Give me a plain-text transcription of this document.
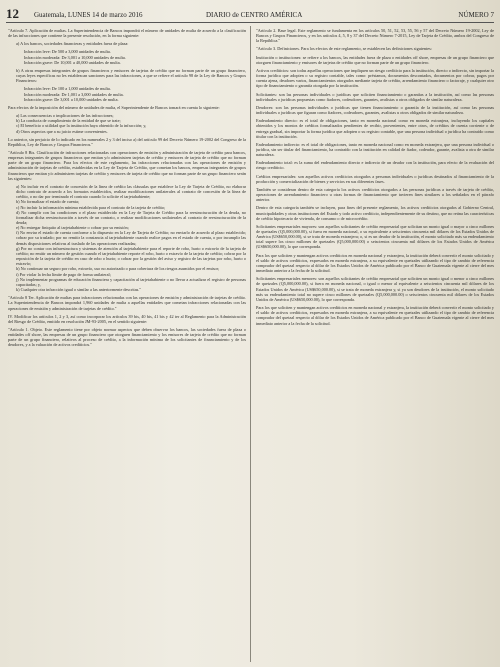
12 Guatemala, LUNES 14 de marzo 2016	DIARIO de CENTRO AMÉRICA	NÚMERO 7

"Artículo 7. Aplicación de multas. La Superintendencia de Bancos impondrá el número de unidades de multa de acuerdo a la clasificación de las infracciones que contiene la presente resolución, en la forma siguiente:

a) A los bancos, sociedades financieras y entidades fuera de plaza:

Infracción leve: De 500 a 3,000 unidades de multa.
Infracción moderada: De 3,001 a 10,000 unidades de multa.
Infracción grave: De 10,001 a 40,000 unidades de multa.

b) A otras empresas integrantes de grupos financieros y emisores de tarjetas de crédito que no forman parte de un grupo financiero, cuyas leyes específicas no les establezcan sanciones para las infracciones, a que se refiere el artículo 98 de la Ley de Bancos y Grupos Financieros:

Infracción leve: De 100 a 1,000 unidades de multa.
Infracción moderada: De 1,001 a 3,000 unidades de multa.
Infracción grave: De 3,001 a 10,000 unidades de multa.

Para efectos de la imposición del número de unidades de multa, el Superintendente de Bancos tomará en cuenta lo siguiente:

a) Las consecuencias o implicaciones de las infracciones;
b) La conducta de cumplimiento de la entidad de que se trate;
c) El beneficio o utilidad que la institución haya obtenido de la infracción; y,
d) Otros aspectos que a su juicio estime convenientes.

Lo anterior, sin perjuicio de lo indicado en los numerales 2 y 3 del inciso a) del artículo 99 del Decreto Número 19-2002 del Congreso de la República, Ley de Bancos y Grupos Financieros."

"Artículo 8 Bis. Clasificación de infracciones relacionadas con operaciones de emisión y administración de tarjeta de crédito para bancos, empresas integrantes de grupos financieros que emitan y/o administren tarjetas de crédito y emisores de tarjeta de crédito que no forman parte de un grupo financiero. Para los efectos de este reglamento, las infracciones relacionadas con las operaciones de emisión y administración de tarjetas de crédito, establecidas en la Ley de Tarjeta de Crédito, que cometan los bancos, empresas integrantes de grupos financieros que emitan y/o administren tarjetas de crédito y emisores de tarjeta de crédito que no forman parte de un grupo financiero serán las siguientes:

a) No incluir en el contrato de concesión de la línea de crédito las cláusulas que establece la Ley de Tarjeta de Crédito, no elaborar dicho contrato de acuerdo a los formatos establecidos, realizar modificaciones unilaterales al contrato de concesión de la línea de crédito, o no dar por terminado el contrato cuando lo solicite el tarjetahabiente;
b) No formalizar el estado de cuenta;
c) No incluir la información mínima establecida para el contrato de la tarjeta de crédito;
d) No cumplir con las condiciones o el plazo establecido en la Ley de Tarjeta de Crédito para la reestructuración de la deuda, no formalizar dicha reestructuración a través de un contrato, o realizar modificaciones unilaterales al contrato de reestructuración de la deuda;
e) No entregar finiquito al tarjetahabiente o cobrar por su emisión;
f) No enviar el estado de cuenta conforme a lo dispuesto en la Ley de Tarjeta de Crédito; no enviarlo de acuerdo al plazo establecido; cobrar por su traslado; por no remitir la constancia al tarjetahabiente cuando realice pagos en el estado de cuenta, o por incumplir las demás disposiciones relativas al traslado de las operaciones realizadas;
g) Por no contar con infraestructura y sistemas de atención al tarjetahabiente para el reporte de robo, hurto o extravío de la tarjeta de crédito; no emitir un número de gestión cuando el tarjetahabiente reporte el robo, hurto o extravío de la tarjeta de crédito; cobrar por la reposición de la tarjeta de crédito en caso de robo o hurto; o cobrar por la gestión del aviso y registro de las tarjetas por robo, hurto o extravío;
h) No continuar un seguro por robo, extravío, uso no autorizado o para cobertura de los riesgos asumidos por el emisor;
i) Por violar la fecha límite de pago de forma unilateral;
j) No implementar programas de educación financiera y capacitación al tarjetahabiente o no llevar a actualizar el registro de personas capacitadas; y,
k) Cualquier otra infracción igual o similar a las anteriormente descritas."

"Artículo 8 Ter. Aplicación de multas para infracciones relacionadas con las operaciones de emisión y administración de tarjetas de crédito. La Superintendencia de Bancos impondrá 1,960 unidades de multa a aquellas entidades que cometan infracciones relacionadas con las operaciones de emisión y administración de tarjetas de crédito."

IV. Modificar los artículos 1, 2 y 3, así como incorporar los artículos 39 bis, 40 bis, 41 bis y 42 ter al Reglamento para la Administración del Riesgo de Crédito, emitido en resolución JM-93-2005, en el sentido siguiente:

"Artículo 1. Objeto. Este reglamento tiene por objeto normar aspectos que deben observar los bancos, las sociedades fuera de plaza o entidades off shore, las empresas de un grupo financiero que otorguen financiamiento y los emisores de tarjeta de crédito que no forman parte de un grupo financiero, relativos al proceso de crédito, a la información mínima de los solicitantes de financiamiento y de los deudores, y a la valuación de activos crediticios."

"Artículo 2. Base legal. Este reglamento se fundamenta en los artículos 50, 51, 52, 53, 55, 56 y 57 del Decreto Número 19-2002, Ley de Bancos y Grupos Financieros, y en los artículos 4, 5, 8 y 37 del Decreto Número 7-2015, Ley de Tarjeta de Crédito, ambos del Congreso de la República."

"Artículo 3. Definiciones. Para los efectos de este reglamento, se establecen las definiciones siguientes:

Institución o instituciones: se refiere a los bancos, las entidades fuera de plaza o entidades off shore, empresas de un grupo financiero que otorguen financiamiento y emisores de tarjetas de crédito que no forman parte de un grupo financiero.

Activos crediticios: son todas aquellas operaciones que impliquen un riesgo crediticio para la institución, directo o indirecto, sin importar la forma jurídica que adopten o su registro contable, tales como: préstamos, documentos descontados, documentos por cobrar, pagos por cuenta ajena, deudores varios, financiamientos otorgados mediante tarjeta de crédito, arrendamiento financiero o factoraje, y cualquier otro tipo de financiamiento o garantía otorgada por la institución.

Solicitantes: son las personas individuales o jurídicas que soliciten financiamiento o garantías a la institución, así como las personas individuales o jurídicas propuestas como fiadores, codeudores, garantes, avalistas u otros obligados de similar naturaleza.

Deudores: son las personas individuales o jurídicas que tienen financiamiento o garantía de la institución, así como las personas individuales o jurídicas que figuran como fiadores, codeudores, garantes, avalistas u otros obligados de similar naturaleza.

Endeudamiento directo: es el total de obligaciones, tanto en moneda nacional como en moneda extranjera, incluyendo los capitales obtenidos y los montos de créditos formalizados pendientes de recibir, provenientes, entre otros, de créditos de cuenta corriente o de entrega gradual, sin importar la forma jurídica que adopten o su registro contable, que una persona individual o jurídica ha contraído como titular con la institución.

Endeudamiento indirecto: es el total de obligaciones, tanto en moneda nacional como en moneda extranjera, que una persona individual o jurídica, sin ser titular del financiamiento, ha contraído con la institución en calidad de fiador, codeudor, garante, avalista u otra de similar naturaleza.

Endeudamiento total: es la suma del endeudamiento directo e indirecto de un deudor con la institución, para efecto de la evaluación del riesgo crediticio.

Créditos empresariales: son aquellos activos crediticios otorgados a personas individuales o jurídicas destinados al financiamiento de la producción y comercialización de bienes y servicios en sus diferentes fases.

También se consideran dentro de esta categoría los activos crediticios otorgados a las personas jurídicas a través de tarjeta de crédito, operaciones de arrendamiento financiero u otras formas de financiamiento que tuvieren fines similares a los señalados en el párrafo anterior.

Dentro de esta categoría también se incluyen, para fines del presente reglamento, los activos crediticios otorgados al Gobierno Central, municipalidades y otras instituciones del Estado y todo activo crediticio, independientemente de su destino, que no reúna las características de crédito hipotecario de vivienda, de consumo o de microcrédito.

Solicitantes empresariales mayores: son aquellos solicitantes de crédito empresarial que solicitan un monto igual o mayor a cinco millones de quetzales (Q5,000,000.00), si fuera en moneda nacional, o su equivalente a seiscientos cincuenta mil dólares de los Estados Unidos de América (US$650,000.00), si se trata de moneda extranjera; o, si es un deudor de la institución, el monto solicitado más su endeudamiento total supere los cinco millones de quetzales (Q5,000,000.00) o seiscientos cincuenta mil dólares de los Estados Unidos de América (US$650,000.00), lo que corresponda.

Para los que soliciten y mantengan activos crediticios en moneda nacional y extranjera, la institución deberá convertir el monto solicitado y el saldo de activos crediticios, expresados en moneda extranjera, a su equivalente en quetzales utilizando el tipo de cambio de referencia comprador del quetzal respecto al dólar de los Estados Unidos de América publicado por el Banco de Guatemala vigente al cierre del mes inmediato anterior a la fecha de la solicitud.

Solicitantes empresariales menores: son aquellos solicitantes de crédito empresarial que soliciten un monto igual o menor a cinco millones de quetzales (Q5,000,000.00), si fuera en moneda nacional, o igual o menor al equivalente a seiscientos cincuenta mil dólares de los Estados Unidos de América (US$650,000.00), si se trata de moneda extranjera y, si ya son deudores de la institución, el monto solicitado más su endeudamiento total no supere cinco millones de quetzales (Q5,000,000.00) o seiscientos cincuenta mil dólares de los Estados Unidos de América (US$650,000.00), lo que corresponda.

Para los que soliciten y mantengan activos crediticios en moneda nacional y extranjera, la institución deberá convertir el monto solicitado y el saldo de activos crediticios, expresados en moneda extranjera, a su equivalente en quetzales utilizando el tipo de cambio de referencia comprador del quetzal respecto al dólar de los Estados Unidos de América publicado por el Banco de Guatemala vigente al cierre del mes inmediato anterior a la fecha de la solicitud.
